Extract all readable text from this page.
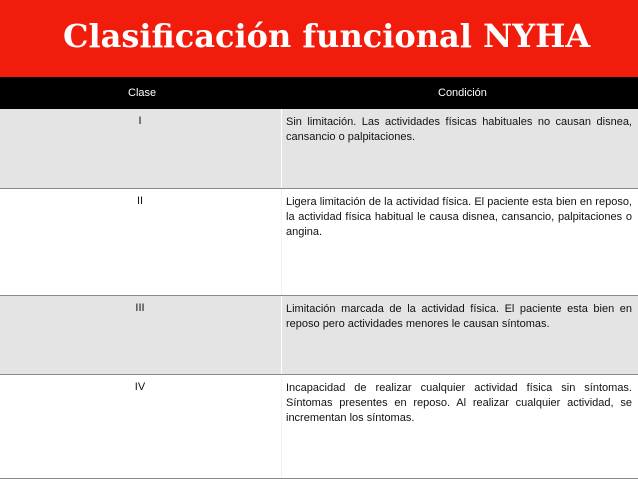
Clasificación funcional NYHA
Clase	Condición
I	Sin limitación. Las actividades físicas habituales no causan disnea, cansancio o palpitaciones.
II	Ligera limitación de la actividad física. El paciente esta bien en reposo, la actividad física habitual le causa disnea, cansancio, palpitaciones o angina.
III	Limitación marcada de la actividad física. El paciente esta bien en reposo pero actividades menores le causan síntomas.
IV	Incapacidad de realizar cualquier actividad física sin síntomas. Síntomas presentes en reposo. Al realizar cualquier actividad, se incrementan los síntomas.
